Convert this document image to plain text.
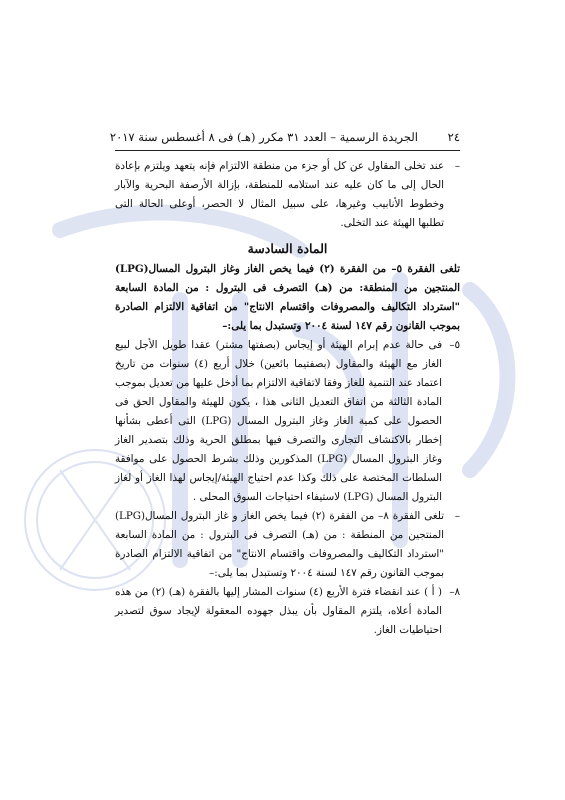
٢٤
الجريدة الرسمية – العدد ٣١ مكرر (هـ) فى ٨ أغسطس سنة ٢٠١٧

–
عند تخلى المقاول عن كل أو جزء من منطقة الالتزام فإنه يتعهد ويلتزم بإعادة الحال إلى ما كان عليه عند استلامه للمنطقة، بإزالة الأرصفة البحرية والآبار وخطوط الأنابيب وغيرها، على سبيل المثال لا الحصر، أوعلى الحالة التى تطلبها الهيئة عند التخلى.

المادة السادسة

تلغى الفقرة ٥– من الفقرة (٢) فيما يخص الغاز وغاز البترول المسال(LPG) المنتجين من المنطقة: من (هـ) التصرف فى البترول : من المادة السابعة "استرداد التكاليف والمصروفات واقتسام الانتاج" من اتفاقية الالتزام الصادرة بموجب القانون رقم ١٤٧ لسنة ٢٠٠٤ وتستبدل بما يلى:–

٥–
فى حالة عدم إبرام الهيئة أو إيجاس (بصفتها مشتر) عقدا طويل الأجل لبيع الغاز مع الهيئة والمقاول (بصفتيما بائعين) خلال أربع (٤) سنوات من تاريخ اعتماد عند التنمية للغاز وفقا لاتفاقية الالتزام بما أدخل عليها من تعديل بموجب المادة الثالثة من اتفاق التعديل الثانى هذا ، يكون للهيئة والمقاول الحق فى الحصول على كمية الغاز وغاز البترول المسال (LPG) التى أعطى بشأنها إخطار بالاكتشاف التجارى والتصرف فيها بمطلق الحرية وذلك بتصدير الغاز وغاز البترول المسال (LPG) المذكورين وذلك بشرط الحصول على موافقة السلطات المختصة على ذلك وكذا عدم احتياج الهيئة/إيجاس لهذا الغاز أو لغاز البترول المسال (LPG) لاستيفاء احتياجات السوق المحلى .

–
تلغى الفقرة ٨– من الفقرة (٢) فيما يخص الغاز و غاز البترول المسال(LPG) المنتجين من المنطقة : من (هـ) التصرف فى البترول : من المادة السابعة "استرداد التكاليف والمصروفات واقتسام الانتاج" من اتفاقية الالتزام الصادرة بموجب القانون رقم ١٤٧ لسنة ٢٠٠٤ وتستبدل بما يلى:–

٨–
( أ ) عند انقضاء فترة الأربع (٤) سنوات المشار إليها بالفقرة (هـ) (٢) من هذه المادة أعلاه، يلتزم المقاول بأن يبذل جهوده المعقولة لإيجاد سوق لتصدير احتياطيات الغاز.
